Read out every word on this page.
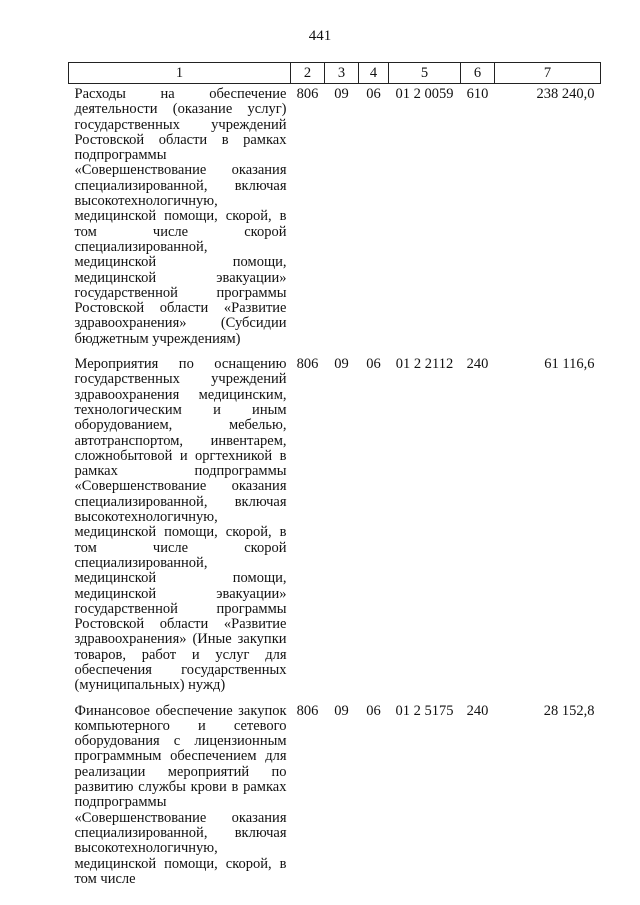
441
1	2	3	4	5	6	7
Расходы на обеспечение деятельности (оказание услуг) государственных учреждений Ростовской области в рамках подпрограммы «Совершенствование оказания специализированной, включая высокотехнологичную, медицинской помощи, скорой, в том числе скорой специализированной, медицинской помощи, медицинской эвакуации» государственной программы Ростовской области «Развитие здравоохранения» (Субсидии бюджетным учреждениям)	806	09	06	01 2 0059	610	238 240,0

Мероприятия по оснащению государственных учреждений здравоохранения медицинским, технологическим и иным оборудованием, мебелью, автотранспортом, инвентарем, сложнобытовой и оргтехникой в рамках подпрограммы «Совершенствование оказания специализированной, включая высокотехнологичную, медицинской помощи, скорой, в том числе скорой специализированной, медицинской помощи, медицинской эвакуации» государственной программы Ростовской области «Развитие здравоохранения» (Иные закупки товаров, работ и услуг для обеспечения государственных (муниципальных) нужд)	806	09	06	01 2 2112	240	61 116,6

Финансовое обеспечение закупок компьютерного и сетевого оборудования с лицензионным программным обеспечением для реализации мероприятий по развитию службы крови в рамках подпрограммы «Совершенствование оказания специализированной, включая высокотехнологичную, медицинской помощи, скорой, в том числе	806	09	06	01 2 5175	240	28 152,8
